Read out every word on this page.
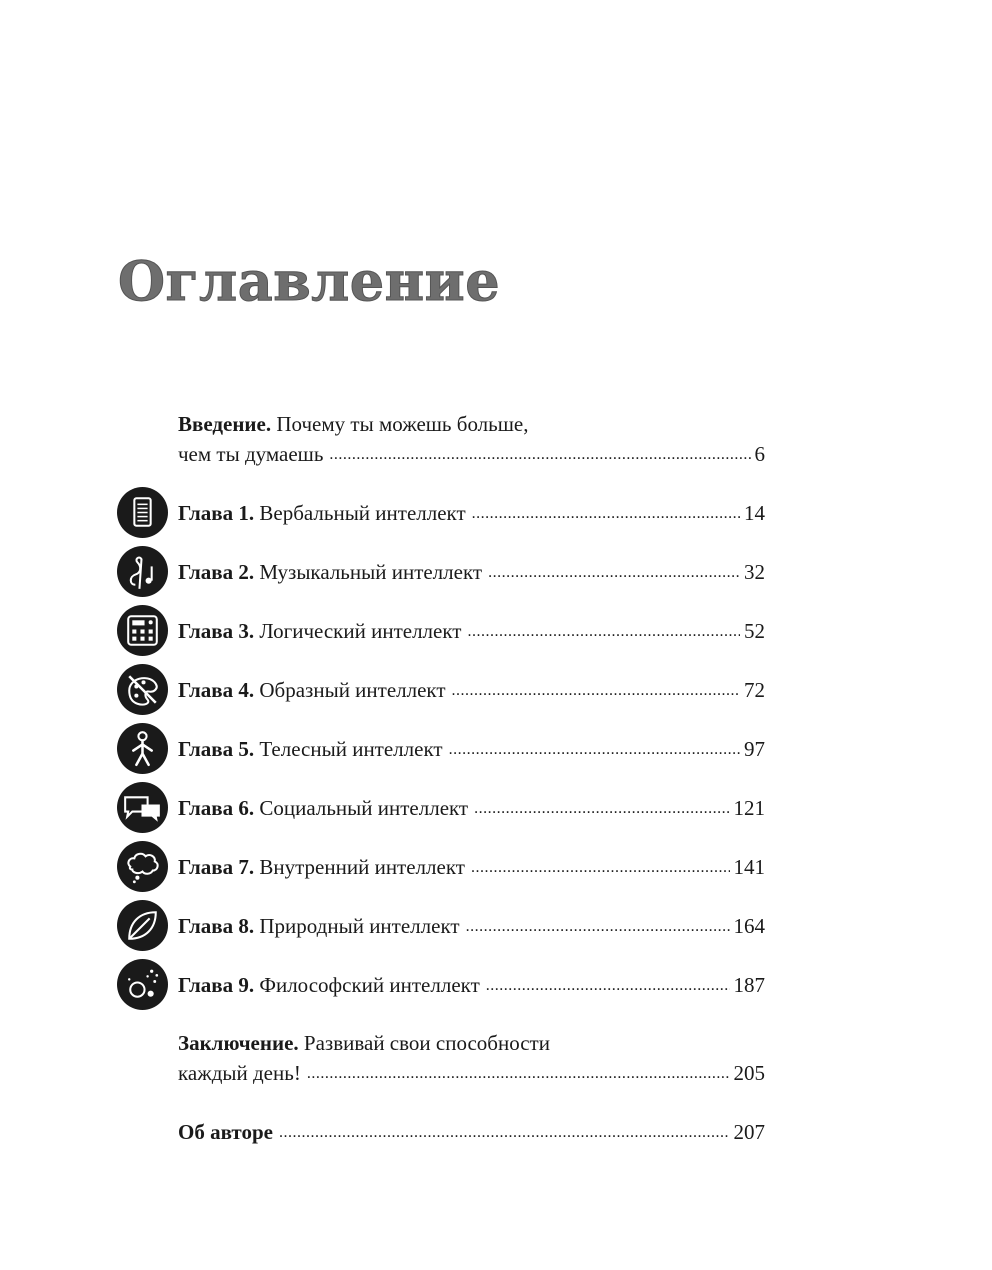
Оглавление
Введение.
Почему ты можешь больше,
чем ты думаешь .....	6
Глава 1.
Вербальный интеллект .....	14
Глава 2.
Музыкальный интеллект .....	32
Глава 3.
Логический интеллект .....	52
Глава 4.
Образный интеллект .....	72
Глава 5.
Телесный интеллект .....	97
Глава 6.
Социальный интеллект .....	121
Глава 7.
Внутренний интеллект .....	141
Глава 8.
Природный интеллект .....	164
Глава 9.
Философский интеллект .....	187
Заключение.
Развивай свои способности
каждый день! .....	205
Об авторе .....	207
